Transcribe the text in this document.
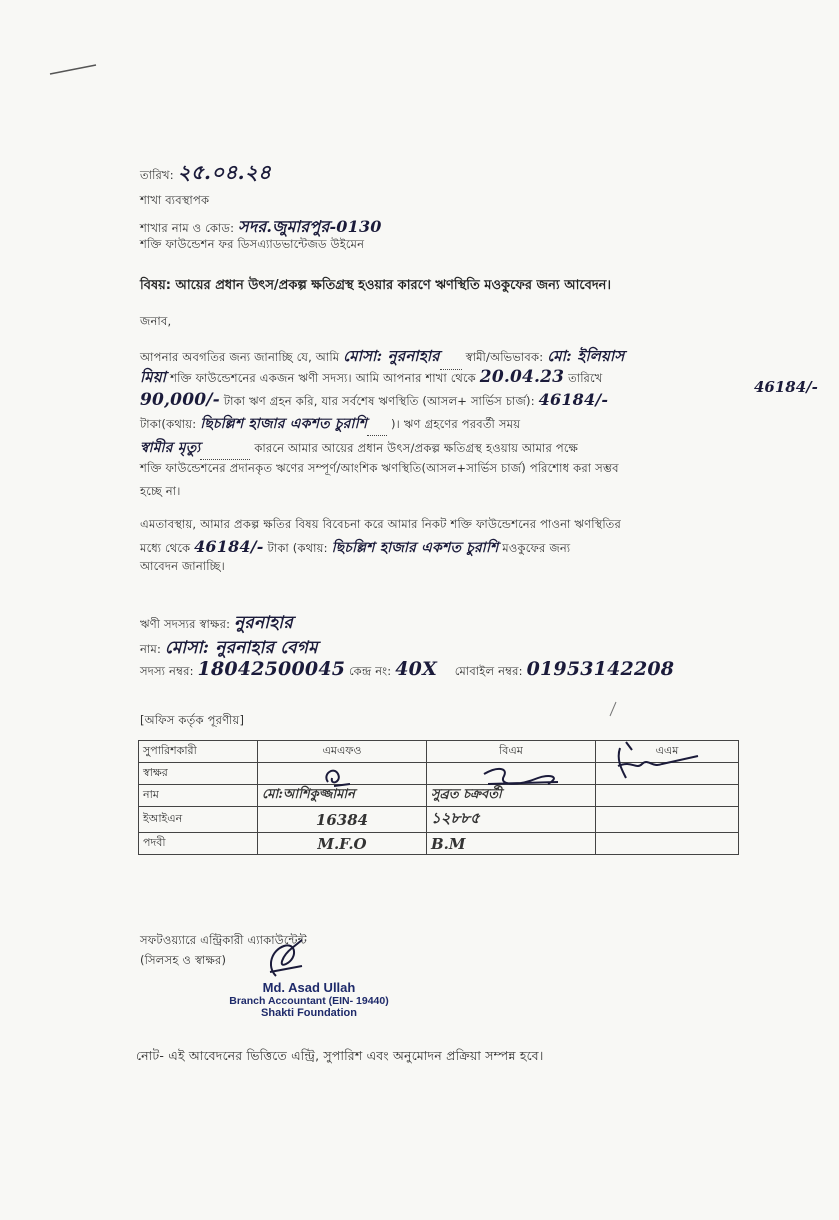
তারিখ: ২৫.০৪.২৪
শাখা ব্যবস্থাপক
শাখার নাম ও কোড: সদর.জুমারপুর-0130
শক্তি ফাউন্ডেশন ফর ডিসএ্যাডভান্টেজড উইমেন
বিষয়: আয়ের প্রধান উৎস/প্রকল্প ক্ষতিগ্রস্থ হওয়ার কারণে ঋণস্থিতি মওকুফের জন্য আবেদন।
জনাব,
আপনার অবগতির জন্য জানাচ্ছি যে, আমি মোসা: নুরনাহার স্বামী/অভিভাবক: মো: ইলিয়াস
মিয়া শক্তি ফাউন্ডেশনের একজন ঋণী সদস্য। আমি আপনার শাখা থেকে 20.04.23 তারিখে
90,000/- টাকা ঋণ গ্রহন করি, যার সর্বশেষ ঋণস্থিতি (আসল+ সার্ভিস চার্জ): 46184/-
46184/-
টাকা(কথায়: ছিচল্লিশ হাজার একশত চুরাশি )। ঋণ গ্রহণের পরবর্তী সময়
স্বামীর মৃত্যু	কারনে আমার আয়ের প্রধান উৎস/প্রকল্প ক্ষতিগ্রস্থ হওয়ায় আমার পক্ষে
শক্তি ফাউন্ডেশনের প্রদানকৃত ঋণের সম্পূর্ণ/আংশিক ঋণস্থিতি(আসল+সার্ভিস চার্জ) পরিশোধ করা সম্ভব
হচ্ছে না।
এমতাবস্থায়, আমার প্রকল্প ক্ষতির বিষয় বিবেচনা করে আমার নিকট শক্তি ফাউন্ডেশনের পাওনা ঋণস্থিতির
মধ্যে থেকে 46184/- টাকা (কথায়: ছিচল্লিশ হাজার একশত চুরাশি মওকুফের জন্য
আবেদন জানাচ্ছি।
ঋণী সদস্যর স্বাক্ষর: নুরনাহার
নাম: মোসা: নুরনাহার বেগম
সদস্য নম্বর: 18042500045 কেন্দ্র নং: 40X মোবাইল নম্বর: 01953142208
[অফিস কর্তৃক পূরণীয়]
সুপারিশকারী	এমএফও	বিএম	এএম
স্বাক্ষর			
নাম	মো:আশিকুজ্জামান	সুব্রত চক্রবর্তী	
ইআইএন	16384	১২৮৮৫	
পদবী	M.F.O	B.M	
সফটওয়্যারে এন্ট্রিকারী এ্যাকাউন্টেন্ট
(সিলসহ ও স্বাক্ষর)
Md. Asad Ullah
Branch Accountant (EIN- 19440)
Shakti Foundation
নোট- এই আবেদনের ভিত্তিতে এন্ট্রি, সুপারিশ এবং অনুমোদন প্রক্রিয়া সম্পন্ন হবে।
